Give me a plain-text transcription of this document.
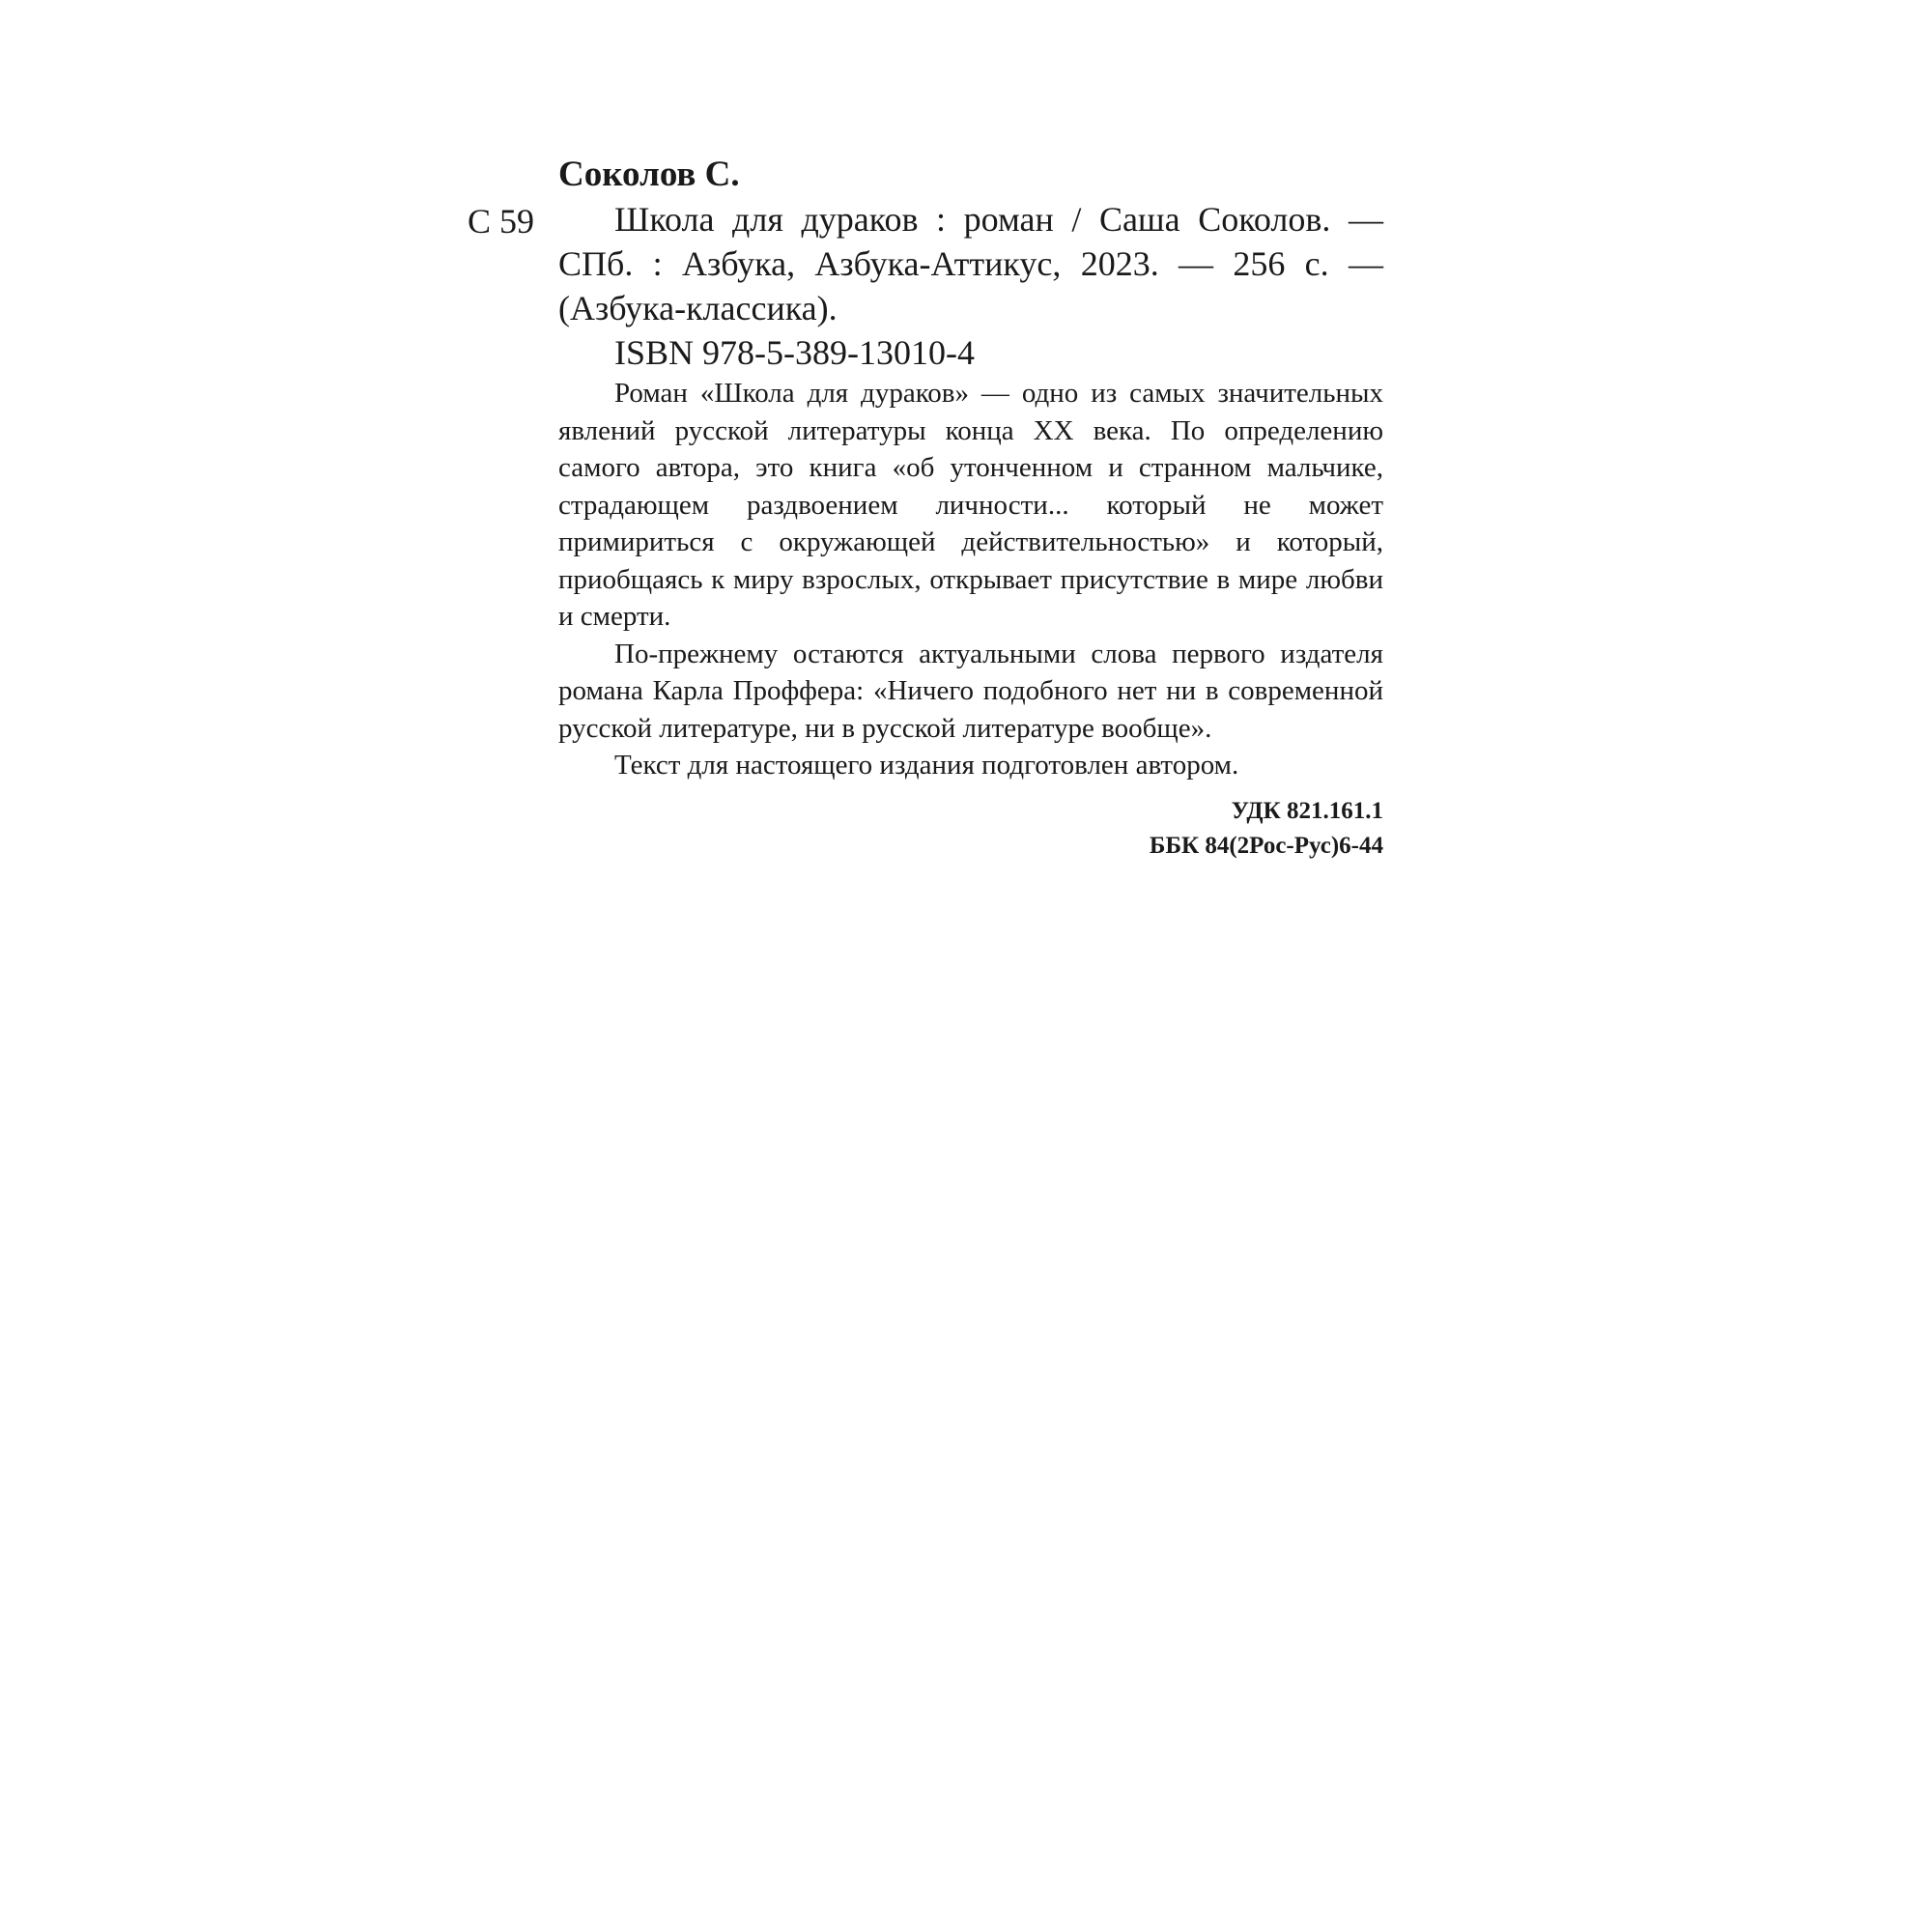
С 59
Соколов С.

Школа для дураков : роман / Саша Соколов. — СПб. : Азбука, Азбука-Аттикус, 2023. — 256 с. — (Азбука-классика).

ISBN 978-5-389-13010-4

Роман «Школа для дураков» — одно из самых значительных явлений русской литературы конца XX века. По определению самого автора, это книга «об утонченном и странном мальчике, страдающем раздвоением личности... который не может примириться с окружающей действительностью» и который, приобщаясь к миру взрослых, открывает присутствие в мире любви и смерти.

По-прежнему остаются актуальными слова первого издателя романа Карла Проффера: «Ничего подобного нет ни в современной русской литературе, ни в русской литературе вообще».

Текст для настоящего издания подготовлен автором.

УДК 821.161.1
ББК 84(2Рос-Рус)6-44
